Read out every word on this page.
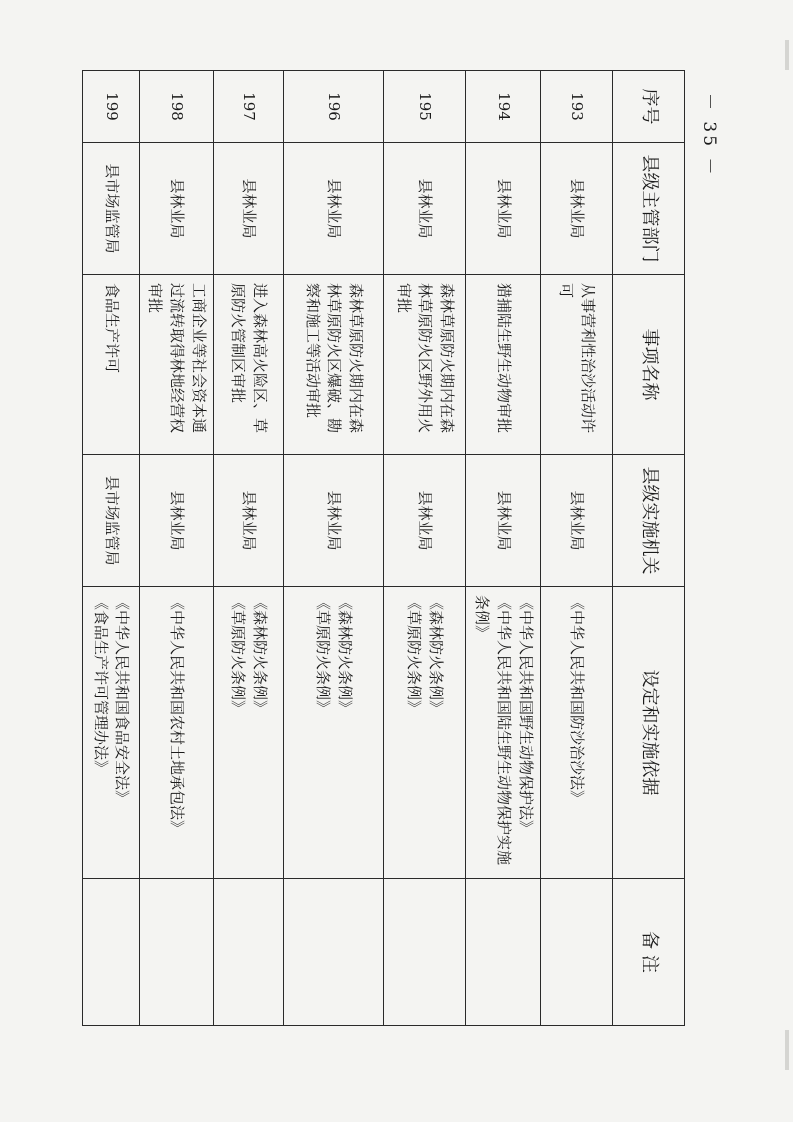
－ 35 －
序号	县级主管部门	事项名称	县级实施机关	设定和实施依据	备 注
193	县林业局	从事营利性治沙活动许可	县林业局	《中华人民共和国防沙治沙法》	

194	县林业局	猎捕陆生野生动物审批	县林业局	《中华人民共和国野生动物保护法》
《中华人民共和国陆生野生动物保护实施条例》	

195	县林业局	森林草原防火期内在森林草原防火区野外用火审批	县林业局	《森林防火条例》
《草原防火条例》	

196	县林业局	森林草原防火期内在森林草原防火区爆破、勘察和施工等活动审批	县林业局	《森林防火条例》
《草原防火条例》	

197	县林业局	进入森林高火险区、草原防火管制区审批	县林业局	《森林防火条例》
《草原防火条例》	

198	县林业局	工商企业等社会资本通过流转取得林地经营权审批	县林业局	《中华人民共和国农村土地承包法》	

199	县市场监管局	食品生产许可	县市场监管局	《中华人民共和国食品安全法》
《食品生产许可管理办法》	
